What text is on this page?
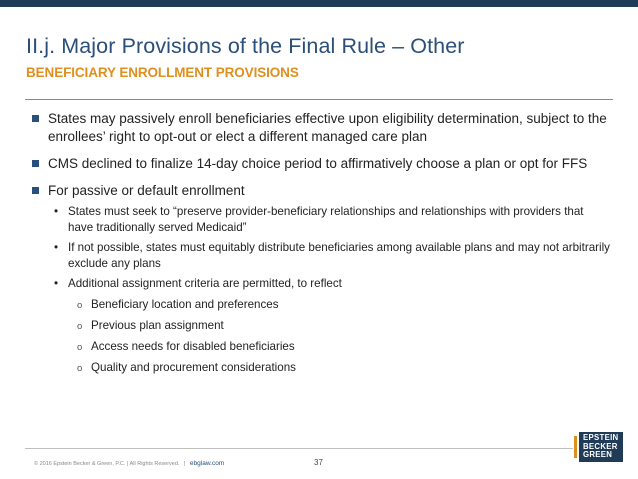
II.j. Major Provisions of the Final Rule – Other
BENEFICIARY ENROLLMENT PROVISIONS
States may passively enroll beneficiaries effective upon eligibility determination, subject to the enrollees’ right to opt-out or elect a different managed care plan
CMS declined to finalize 14-day choice period to affirmatively choose a plan or opt for FFS
For passive or default enrollment
• States must seek to “preserve provider-beneficiary relationships and relationships with providers that have traditionally served Medicaid”
• If not possible, states must equitably distribute beneficiaries among available plans and may not arbitrarily exclude any plans
• Additional assignment criteria are permitted, to reflect
o Beneficiary location and preferences
o Previous plan assignment
o Access needs for disabled beneficiaries
o Quality and procurement considerations
© 2016 Epstein Becker & Green, P.C. | All Rights Reserved. | ebglaw.com	37
EPSTEIN
BECKER
GREEN
